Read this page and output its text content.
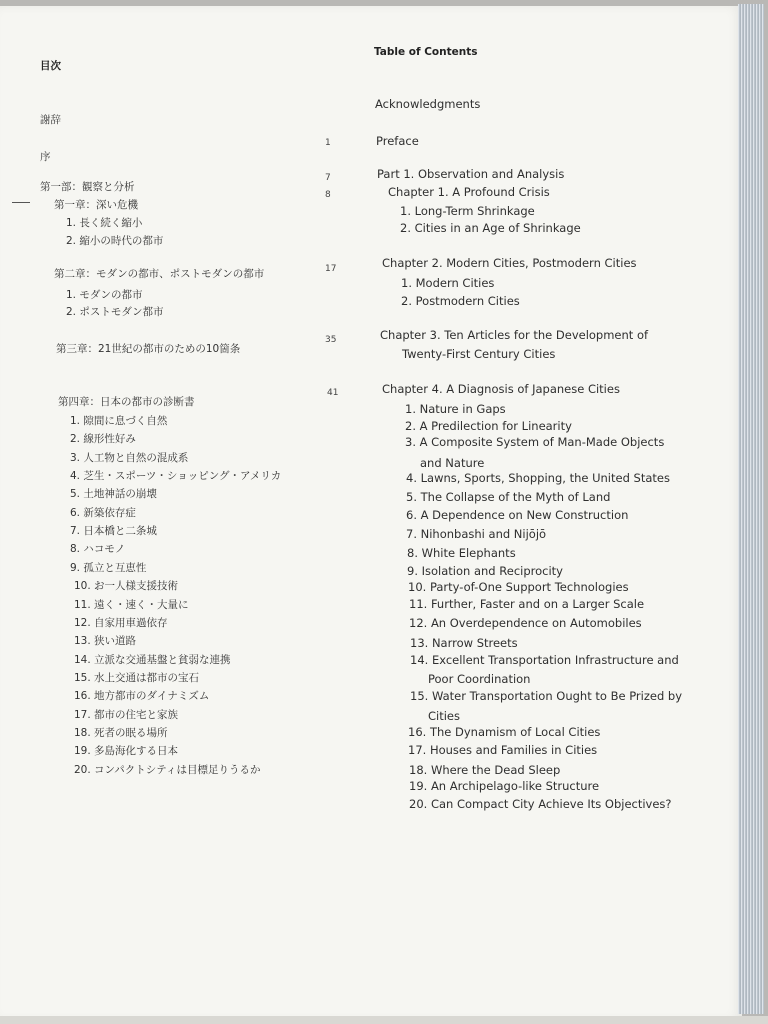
目次
謝辞
序
第一部：観察と分析
第一章：深い危機
1. 長く続く縮小
2. 縮小の時代の都市
第二章：モダンの都市、ポストモダンの都市
1. モダンの都市
2. ポストモダン都市
第三章：21世紀の都市のための10箇条
第四章：日本の都市の診断書
1. 隙間に息づく自然
2. 線形性好み
3. 人工物と自然の混成系
4. 芝生・スポーツ・ショッピング・アメリカ
5. 土地神話の崩壊
6. 新築依存症
7. 日本橋と二条城
8. ハコモノ
9. 孤立と互恵性
10. お一人様支援技術
11. 遠く・速く・大量に
12. 自家用車過依存
13. 狭い道路
14. 立派な交通基盤と貧弱な連携
15. 水上交通は都市の宝石
16. 地方都市のダイナミズム
17. 都市の住宅と家族
18. 死者の眠る場所
19. 多島海化する日本
20. コンパクトシティは目標足りうるか
1
7
8
17
35
41
Table of Contents
Acknowledgments
Preface
Part 1. Observation and Analysis
Chapter 1. A Profound Crisis
1. Long-Term Shrinkage
2. Cities in an Age of Shrinkage
Chapter 2. Modern Cities, Postmodern Cities
1. Modern Cities
2. Postmodern Cities
Chapter 3. Ten Articles for the Development of
Twenty-First Century Cities
Chapter 4. A Diagnosis of Japanese Cities
1. Nature in Gaps
2. A Predilection for Linearity
3. A Composite System of Man-Made Objects
and Nature
4. Lawns, Sports, Shopping, the United States
5. The Collapse of the Myth of Land
6. A Dependence on New Construction
7. Nihonbashi and Nijōjō
8. White Elephants
9. Isolation and Reciprocity
10. Party-of-One Support Technologies
11. Further, Faster and on a Larger Scale
12. An Overdependence on Automobiles
13. Narrow Streets
14. Excellent Transportation Infrastructure and
Poor Coordination
15. Water Transportation Ought to Be Prized by
Cities
16. The Dynamism of Local Cities
17. Houses and Families in Cities
18. Where the Dead Sleep
19. An Archipelago-like Structure
20. Can Compact City Achieve Its Objectives?
